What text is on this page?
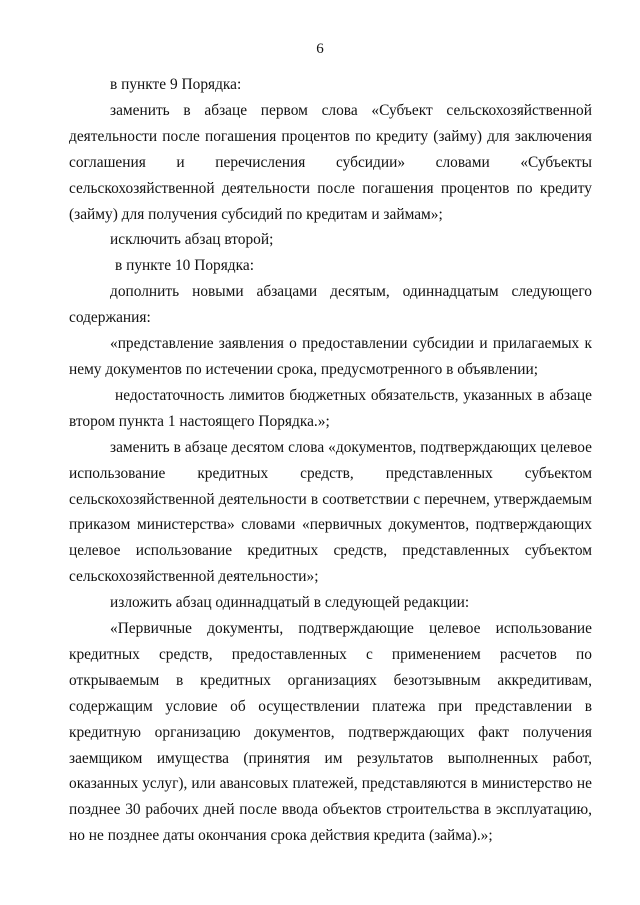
6

в пункте 9 Порядка:

заменить в абзаце первом слова «Субъект сельскохозяйственной деятельности после погашения процентов по кредиту (займу) для заключения соглашения и перечисления субсидии» словами «Субъекты сельскохозяйственной деятельности после погашения процентов по кредиту (займу) для получения субсидий по кредитам и займам»;

исключить абзац второй;

в пункте 10 Порядка:

дополнить новыми абзацами десятым, одиннадцатым следующего содержания:

«представление заявления о предоставлении субсидии и прилагаемых к нему документов по истечении срока, предусмотренного в объявлении;

недостаточность лимитов бюджетных обязательств, указанных в абзаце втором пункта 1 настоящего Порядка.»;

заменить в абзаце десятом слова «документов, подтверждающих целевое использование кредитных средств, представленных субъектом сельскохозяйственной деятельности в соответствии с перечнем, утверждаемым приказом министерства» словами «первичных документов, подтверждающих целевое использование кредитных средств, представленных субъектом сельскохозяйственной деятельности»;

изложить абзац одиннадцатый в следующей редакции:

«Первичные документы, подтверждающие целевое использование кредитных средств, предоставленных с применением расчетов по открываемым в кредитных организациях безотзывным аккредитивам, содержащим условие об осуществлении платежа при представлении в кредитную организацию документов, подтверждающих факт получения заемщиком имущества (принятия им результатов выполненных работ, оказанных услуг), или авансовых платежей, представляются в министерство не позднее 30 рабочих дней после ввода объектов строительства в эксплуатацию, но не позднее даты окончания срока действия кредита (займа).»;
